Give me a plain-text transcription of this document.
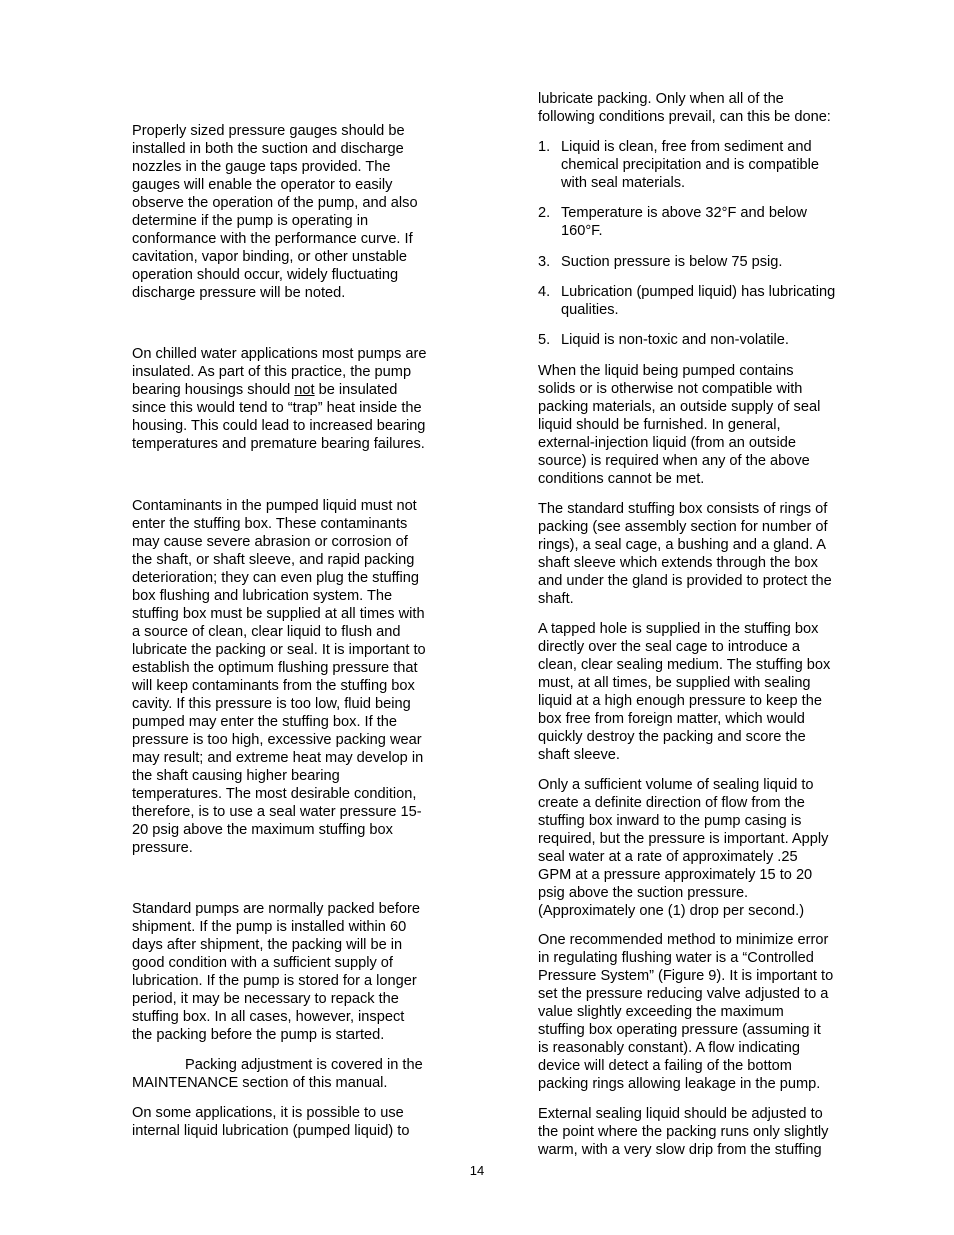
Properly sized pressure gauges should be

installed in both the suction and discharge

nozzles in the gauge taps provided. The

gauges will enable the operator to easily

observe the operation of the pump, and also

determine if the pump is operating in

conformance with the performance curve. If

cavitation, vapor binding, or other unstable

operation should occur, widely fluctuating

discharge pressure will be noted.

On chilled water applications most pumps are

insulated. As part of this practice, the pump

bearing housings should not be insulated

since this would tend to “trap” heat inside the

housing. This could lead to increased bearing

temperatures and premature bearing failures.

Contaminants in the pumped liquid must not

enter the stuffing box. These contaminants

may cause severe abrasion or corrosion of

the shaft, or shaft sleeve, and rapid packing

deterioration; they can even plug the stuffing

box flushing and lubrication system. The

stuffing box must be supplied at all times with

a source of clean, clear liquid to flush and

lubricate the packing or seal. It is important to

establish the optimum flushing pressure that

will keep contaminants from the stuffing box

cavity. If this pressure is too low, fluid being

pumped may enter the stuffing box. If the

pressure is too high, excessive packing wear

may result; and extreme heat may develop in

the shaft causing higher bearing

temperatures. The most desirable condition,

therefore, is to use a seal water pressure 15-

20 psig above the maximum stuffing box

pressure.

Standard pumps are normally packed before

shipment. If the pump is installed within 60

days after shipment, the packing will be in

good condition with a sufficient supply of

lubrication. If the pump is stored for a longer

period, it may be necessary to repack the

stuffing box. In all cases, however, inspect

the packing before the pump is started.

Packing adjustment is covered in the

MAINTENANCE section of this manual.

On some applications, it is possible to use

internal liquid lubrication (pumped liquid) to

lubricate packing. Only when all of the

following conditions prevail, can this be done:

1. Liquid is clean, free from sediment and

chemical precipitation and is compatible

with seal materials.

2. Temperature is above 32°F and below

160°F.

3. Suction pressure is below 75 psig.

4. Lubrication (pumped liquid) has lubricating

qualities.

5. Liquid is non-toxic and non-volatile.

When the liquid being pumped contains

solids or is otherwise not compatible with

packing materials, an outside supply of seal

liquid should be furnished. In general,

external-injection liquid (from an outside

source) is required when any of the above

conditions cannot be met.

The standard stuffing box consists of rings of

packing (see assembly section for number of

rings), a seal cage, a bushing and a gland. A

shaft sleeve which extends through the box

and under the gland is provided to protect the

shaft.

A tapped hole is supplied in the stuffing box

directly over the seal cage to introduce a

clean, clear sealing medium. The stuffing box

must, at all times, be supplied with sealing

liquid at a high enough pressure to keep the

box free from foreign matter, which would

quickly destroy the packing and score the

shaft sleeve.

Only a sufficient volume of sealing liquid to

create a definite direction of flow from the

stuffing box inward to the pump casing is

required, but the pressure is important. Apply

seal water at a rate of approximately .25

GPM at a pressure approximately 15 to 20

psig above the suction pressure.

(Approximately one (1) drop per second.)

One recommended method to minimize error

in regulating flushing water is a “Controlled

Pressure System” (Figure 9). It is important to

set the pressure reducing valve adjusted to a

value slightly exceeding the maximum

stuffing box operating pressure (assuming it

is reasonably constant). A flow indicating

device will detect a failing of the bottom

packing rings allowing leakage in the pump.

External sealing liquid should be adjusted to

the point where the packing runs only slightly

warm, with a very slow drip from the stuffing

14
